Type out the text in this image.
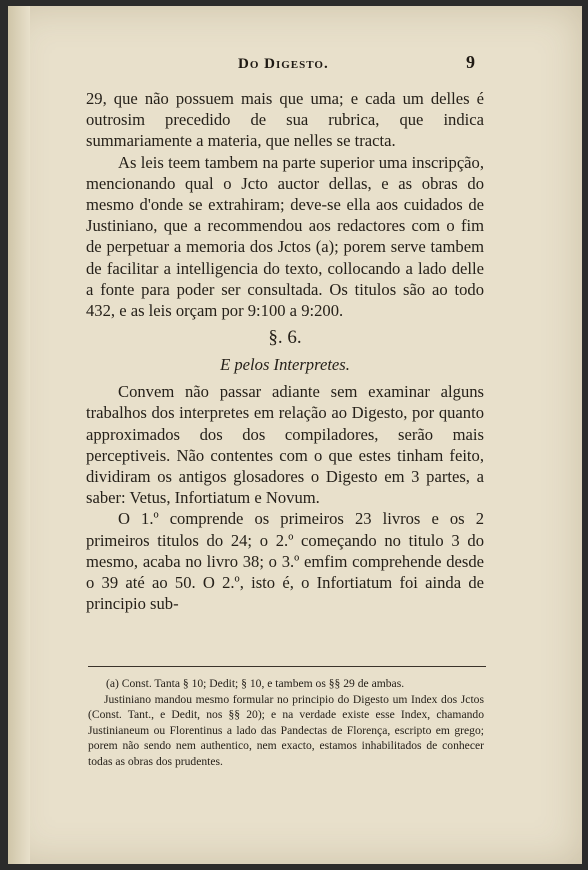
Do Digesto.	9

29, que não possuem mais que uma; e cada um delles é outrosim precedido de sua rubrica, que indica summariamente a materia, que nelles se tracta.

As leis teem tambem na parte superior uma inscripção, mencionando qual o Jcto auctor dellas, e as obras do mesmo d'onde se extrahiram; deve-se ella aos cuidados de Justiniano, que a recommendou aos redactores com o fim de perpetuar a memoria dos Jctos (a); porem serve tambem de facilitar a intelligencia do texto, collocando a lado delle a fonte para poder ser consultada. Os titulos são ao todo 432, e as leis orçam por 9:100 a 9:200.

§. 6.
E pelos Interpretes.

Convem não passar adiante sem examinar alguns trabalhos dos interpretes em relação ao Digesto, por quanto approximados dos dos compiladores, serão mais perceptiveis. Não contentes com o que estes tinham feito, dividiram os antigos glosadores o Digesto em 3 partes, a saber: Vetus, Infortiatum e Novum.

O 1.º comprende os primeiros 23 livros e os 2 primeiros titulos do 24; o 2.º começando no titulo 3 do mesmo, acaba no livro 38; o 3.º emfim comprehende desde o 39 até ao 50. O 2.º, isto é, o Infortiatum foi ainda de principio sub-

(a) Const. Tanta § 10; Dedit; § 10, e tambem os §§ 29 de ambas.

Justiniano mandou mesmo formular no principio do Digesto um Index dos Jctos (Const. Tant., e Dedit, nos §§ 20); e na verdade existe esse Index, chamando Justinianeum ou Florentinus a lado das Pandectas de Florença, escripto em grego; porem não sendo nem authentico, nem exacto, estamos inhabilitados de conhecer todas as obras dos prudentes.
